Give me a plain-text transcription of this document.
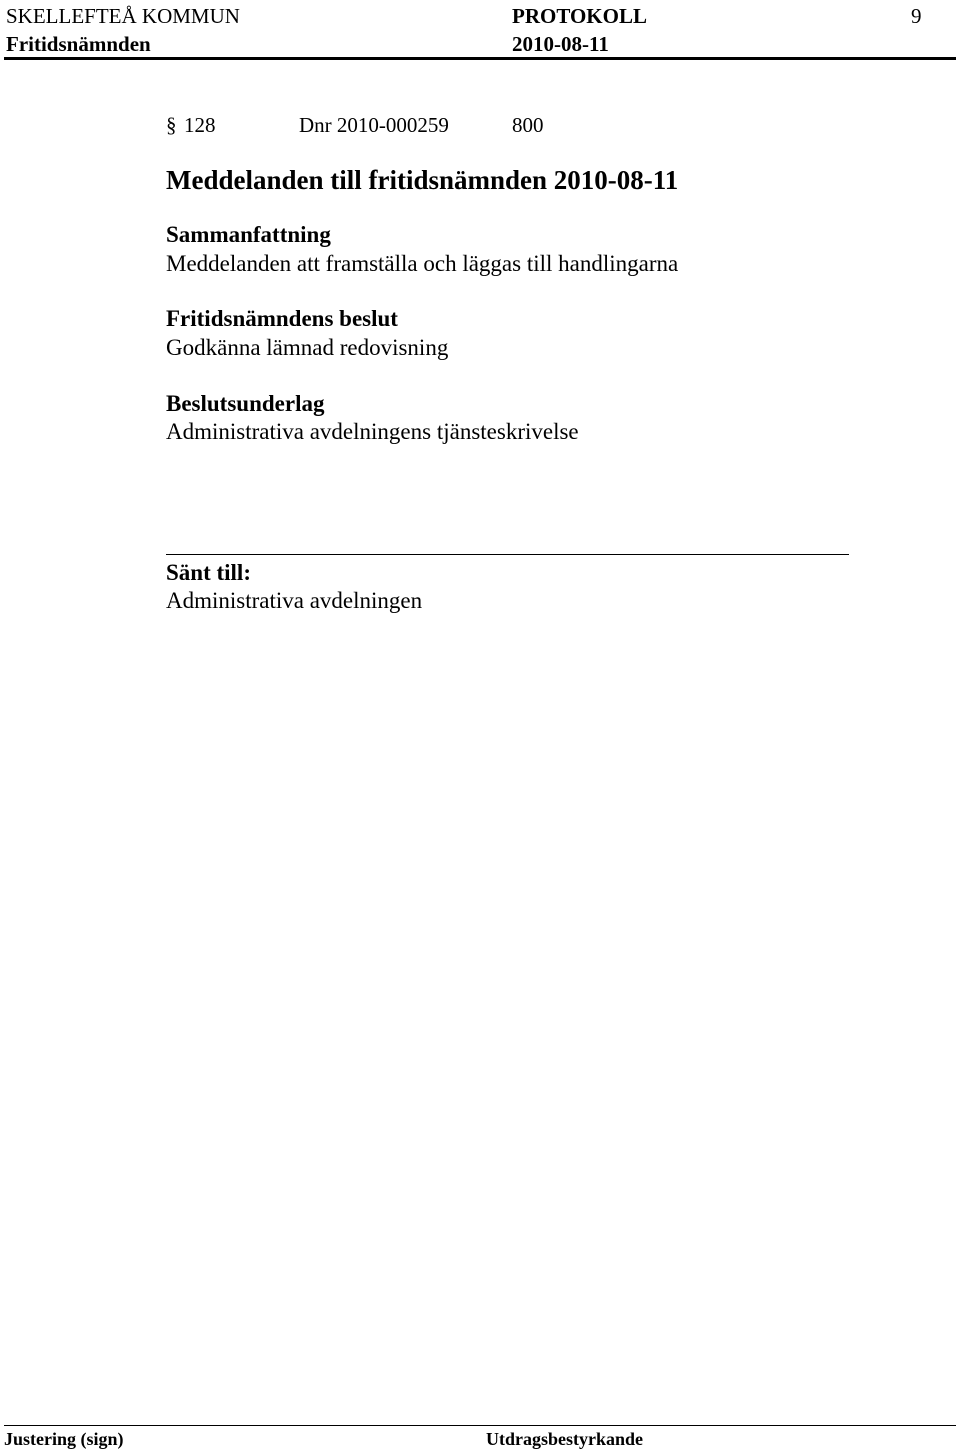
SKELLEFTEÅ KOMMUN	PROTOKOLL	9
Fritidsnämnden	2010-08-11
§ 128	Dnr 2010-000259	800
Meddelanden till fritidsnämnden 2010-08-11
Sammanfattning
Meddelanden att framställa och läggas till handlingarna
Fritidsnämndens beslut
Godkänna lämnad redovisning
Beslutsunderlag
Administrativa avdelningens tjänsteskrivelse
Sänt till:
Administrativa avdelningen
Justering (sign)	Utdragsbestyrkande
